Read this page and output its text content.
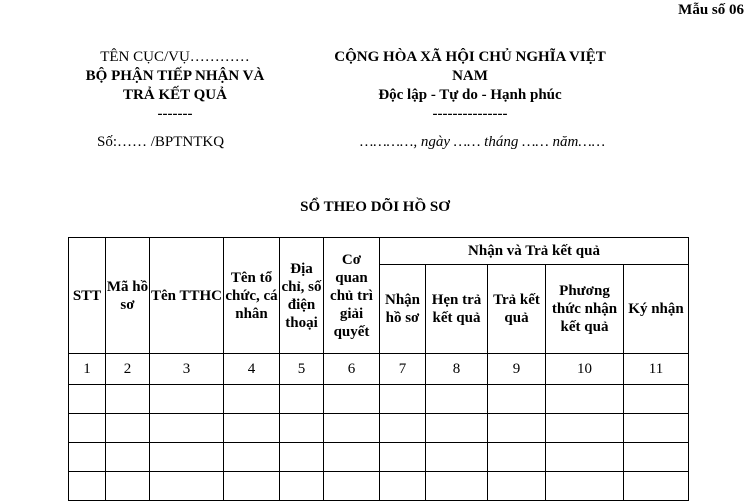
Mẫu số 06
TÊN CỤC/VỤ…………
BỘ PHẬN TIẾP NHẬN VÀ
TRẢ KẾT QUẢ
-------
CỘNG HÒA XÃ HỘI CHỦ NGHĨA VIỆT
NAM
Độc lập - Tự do - Hạnh phúc
---------------
Số:…… /BPTNTKQ	…………, ngày …… tháng …… năm……
SỔ THEO DÕI HỒ SƠ
STT	Mã hồ sơ	Tên TTHC	Tên tổ chức, cá nhân	Địa chỉ, số điện thoại	Cơ quan chủ trì giải quyết	Nhận và Trả kết quả				
						Nhận hồ sơ	Hẹn trả kết quả	Trả kết quả	Phương thức nhận kết quả	Ký nhận
1	2	3	4	5	6	7	8	9	10	11
